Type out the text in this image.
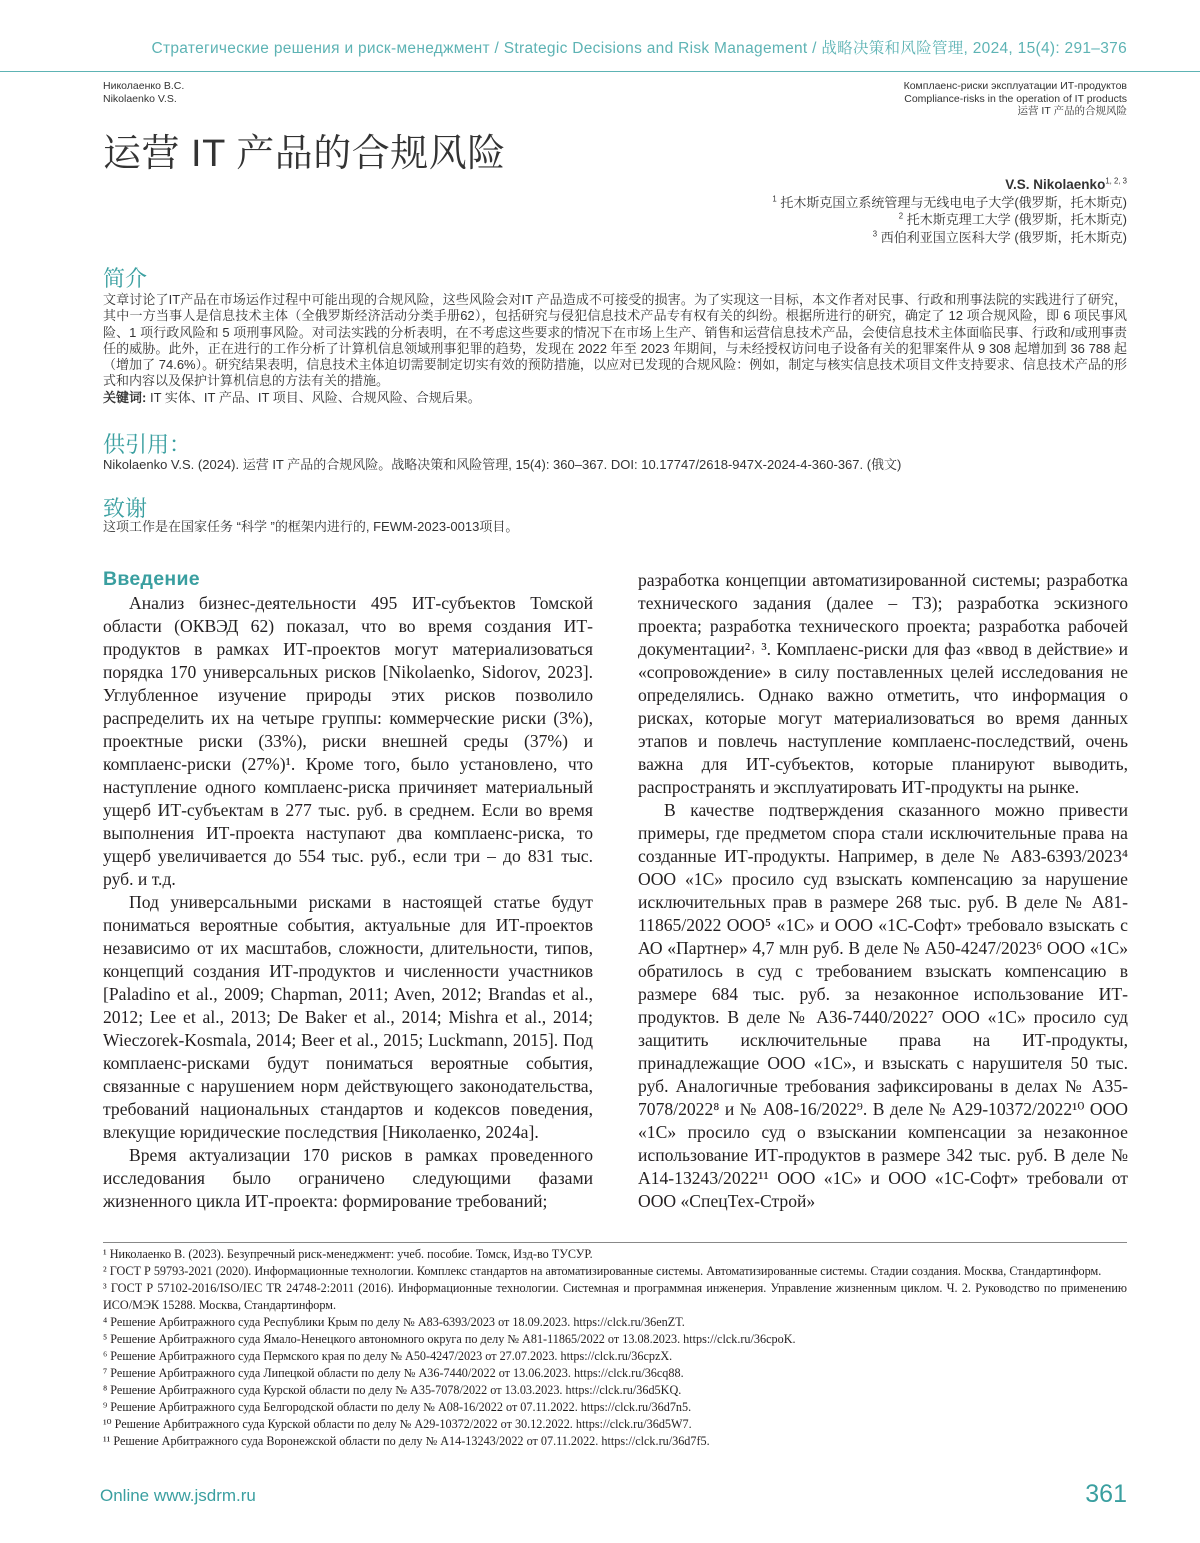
Стратегические решения и риск-менеджмент / Strategic Decisions and Risk Management / 战略决策和风险管理, 2024, 15(4): 291–376
Николаенко В.С.
Nikolaenko V.S.
Комплаенс-риски эксплуатации ИТ-продуктов
Compliance-risks in the operation of IT products
运营 IT 产品的合规风险
运营 IT 产品的合规风险
V.S. Nikolaenko$^{1, 2, 3}$
$^1$ 托木斯克国立系统管理与无线电电子大学(俄罗斯，托木斯克)
$^2$ 托木斯克理工大学 (俄罗斯，托木斯克)
$^3$ 西伯利亚国立医科大学 (俄罗斯，托木斯克)
简介
文章讨论了IT产品在市场运作过程中可能出现的合规风险，这些风险会对IT 产品造成不可接受的损害。为了实现这一目标，本文作者对民事、行政和刑事法院的实践进行了研究，其中一方当事人是信息技术主体（全俄罗斯经济活动分类手册62），包括研究与侵犯信息技术产品专有权有关的纠纷。根据所进行的研究，确定了 12 项合规风险，即 6 项民事风险、1 项行政风险和 5 项刑事风险。对司法实践的分析表明，在不考虑这些要求的情况下在市场上生产、销售和运营信息技术产品，会使信息技术主体面临民事、行政和/或刑事责任的威胁。此外，正在进行的工作分析了计算机信息领域刑事犯罪的趋势，发现在 2022 年至 2023 年期间，与未经授权访问电子设备有关的犯罪案件从 9 308 起增加到 36 788 起（增加了 74.6%）。研究结果表明，信息技术主体迫切需要制定切实有效的预防措施，以应对已发现的合规风险：例如，制定与核实信息技术项目文件支持要求、信息技术产品的形式和内容以及保护计算机信息的方法有关的措施。
关键词: IT 实体、IT 产品、IT 项目、风险、合规风险、合规后果。
供引用：
Nikolaenko V.S. (2024). 运营 IT 产品的合规风险。战略决策和风险管理, 15(4): 360–367. DOI: 10.17747/2618-947X-2024-4-360-367. (俄文)
致谢
这项工作是在国家任务 “科学 ”的框架内进行的, FEWM-2023-0013项目。
Введение

Анализ бизнес-деятельности 495 ИТ-субъектов Томской области (ОКВЭД 62) показал, что во время создания ИТ-продуктов в рамках ИТ-проектов могут материализоваться порядка 170 универсальных рисков [Nikolaenko, Sidorov, 2023]. Углубленное изучение природы этих рисков позволило распределить их на четыре группы: коммерческие риски (3%), проектные риски (33%), риски внешней среды (37%) и комплаенс-риски (27%)¹. Кроме того, было установлено, что наступление одного комплаенс-риска причиняет материальный ущерб ИТ-субъектам в 277 тыс. руб. в среднем. Если во время выполнения ИТ-проекта наступают два комплаенс-риска, то ущерб увеличивается до 554 тыс. руб., если три – до 831 тыс. руб. и т.д.

Под универсальными рисками в настоящей статье будут пониматься вероятные события, актуальные для ИТ-проектов независимо от их масштабов, сложности, длительности, типов, концепций создания ИТ-продуктов и численности участников [Paladino et al., 2009; Chapman, 2011; Aven, 2012; Brandas et al., 2012; Lee et al., 2013; De Baker et al., 2014; Mishra et al., 2014; Wieczorek-Kosmala, 2014; Beer et al., 2015; Luckmann, 2015]. Под комплаенс-рисками будут пониматься вероятные события, связанные с нарушением норм действующего законодательства, требований национальных стандартов и кодексов поведения, влекущие юридические последствия [Николаенко, 2024a].

Время актуализации 170 рисков в рамках проведенного исследования было ограничено следующими фазами жизненного цикла ИТ-проекта: формирование требований;

разработка концепции автоматизированной системы; разработка технического задания (далее – ТЗ); разработка эскизного проекта; разработка технического проекта; разработка рабочей документации²˒ ³. Комплаенс-риски для фаз «ввод в действие» и «сопровождение» в силу поставленных целей исследования не определялись. Однако важно отметить, что информация о рисках, которые могут материализоваться во время данных этапов и повлечь наступление комплаенс-последствий, очень важна для ИТ-субъектов, которые планируют выводить, распространять и эксплуатировать ИТ-продукты на рынке.

В качестве подтверждения сказанного можно привести примеры, где предметом спора стали исключительные права на созданные ИТ-продукты. Например, в деле № А83-6393/2023⁴ ООО «1С» просило суд взыскать компенсацию за нарушение исключительных прав в размере 268 тыс. руб. В деле № А81-11865/2022 ООО⁵ «1С» и ООО «1С-Софт» требовало взыскать с АО «Партнер» 4,7 млн руб. В деле № А50-4247/2023⁶ ООО «1С» обратилось в суд с требованием взыскать компенсацию в размере 684 тыс. руб. за незаконное использование ИТ-продуктов. В деле № А36-7440/2022⁷ ООО «1С» просило суд защитить исключительные права на ИТ-продукты, принадлежащие ООО «1С», и взыскать с нарушителя 50 тыс. руб. Аналогичные требования зафиксированы в делах № А35-7078/2022⁸ и № А08-16/2022⁹. В деле № А29-10372/2022¹⁰ ООО «1С» просило суд о взыскании компенсации за незаконное использование ИТ-продуктов в размере 342 тыс. руб. В деле № А14-13243/2022¹¹ ООО «1С» и ООО «1С-Софт» требовали от ООО «СпецТех-Строй»

¹ Николаенко В. (2023). Безупречный риск-менеджмент: учеб. пособие. Томск, Изд-во ТУСУР.
² ГОСТ Р 59793-2021 (2020). Информационные технологии. Комплекс стандартов на автоматизированные системы. Автоматизированные системы. Стадии создания. Москва, Стандартинформ.
³ ГОСТ Р 57102-2016/ISO/IEC TR 24748-2:2011 (2016). Информационные технологии. Системная и программная инженерия. Управление жизненным циклом. Ч. 2. Руководство по применению ИСО/МЭК 15288. Москва, Стандартинформ.
⁴ Решение Арбитражного суда Республики Крым по делу № А83-6393/2023 от 18.09.2023. https://clck.ru/36enZT.
⁵ Решение Арбитражного суда Ямало-Ненецкого автономного округа по делу № А81-11865/2022 от 13.08.2023. https://clck.ru/36cpoK.
⁶ Решение Арбитражного суда Пермского края по делу № А50-4247/2023 от 27.07.2023. https://clck.ru/36cpzX.
⁷ Решение Арбитражного суда Липецкой области по делу № А36-7440/2022 от 13.06.2023. https://clck.ru/36cq88.
⁸ Решение Арбитражного суда Курской области по делу № А35-7078/2022 от 13.03.2023. https://clck.ru/36d5KQ.
⁹ Решение Арбитражного суда Белгородской области по делу № А08-16/2022 от 07.11.2022. https://clck.ru/36d7n5.
¹⁰ Решение Арбитражного суда Курской области по делу № А29-10372/2022 от 30.12.2022. https://clck.ru/36d5W7.
¹¹ Решение Арбитражного суда Воронежской области по делу № А14-13243/2022 от 07.11.2022. https://clck.ru/36d7f5.
Online www.jsdrm.ru	361
